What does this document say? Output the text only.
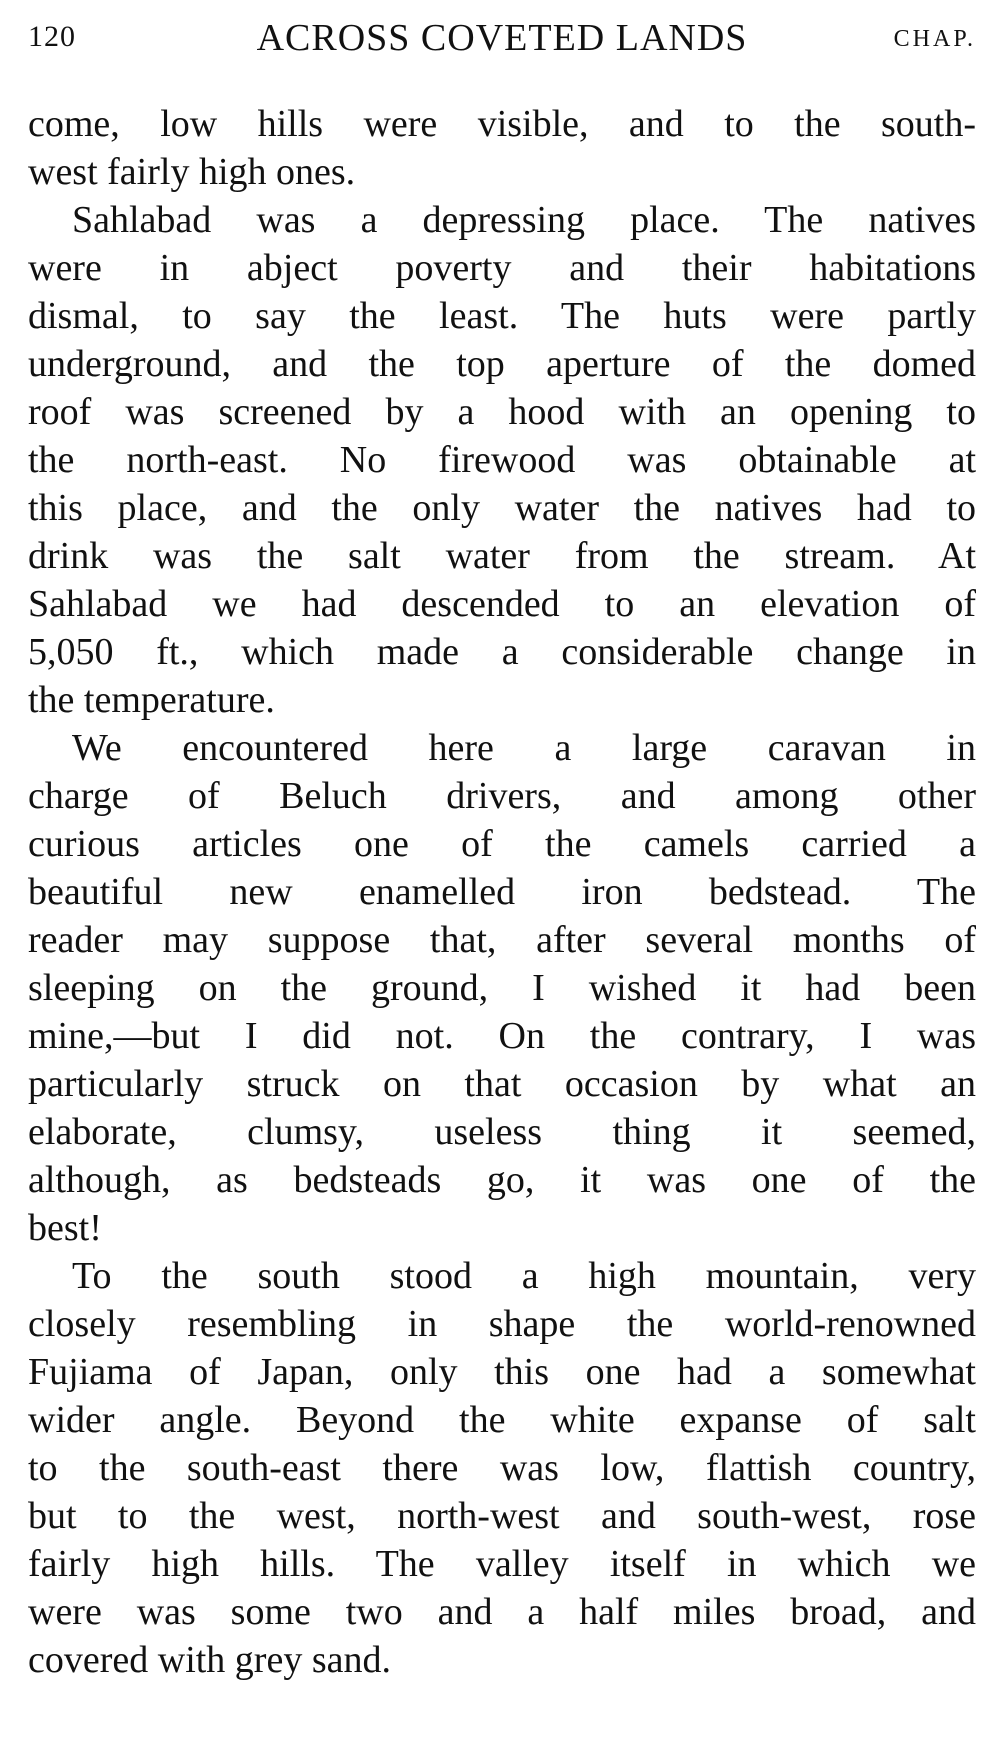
120	ACROSS COVETED LANDS	CHAP.
come, low hills were visible, and to the south-
west fairly high ones.
Sahlabad was a depressing place. The natives
were in abject poverty and their habitations
dismal, to say the least. The huts were partly
underground, and the top aperture of the domed
roof was screened by a hood with an opening to
the north-east. No firewood was obtainable at
this place, and the only water the natives had to
drink was the salt water from the stream. At
Sahlabad we had descended to an elevation of
5,050 ft., which made a considerable change in
the temperature.
We encountered here a large caravan in
charge of Beluch drivers, and among other
curious articles one of the camels carried a
beautiful new enamelled iron bedstead. The
reader may suppose that, after several months of
sleeping on the ground, I wished it had been
mine,—but I did not. On the contrary, I was
particularly struck on that occasion by what an
elaborate, clumsy, useless thing it seemed,
although, as bedsteads go, it was one of the
best!
To the south stood a high mountain, very
closely resembling in shape the world-renowned
Fujiama of Japan, only this one had a somewhat
wider angle. Beyond the white expanse of salt
to the south-east there was low, flattish country,
but to the west, north-west and south-west, rose
fairly high hills. The valley itself in which we
were was some two and a half miles broad, and
covered with grey sand.
